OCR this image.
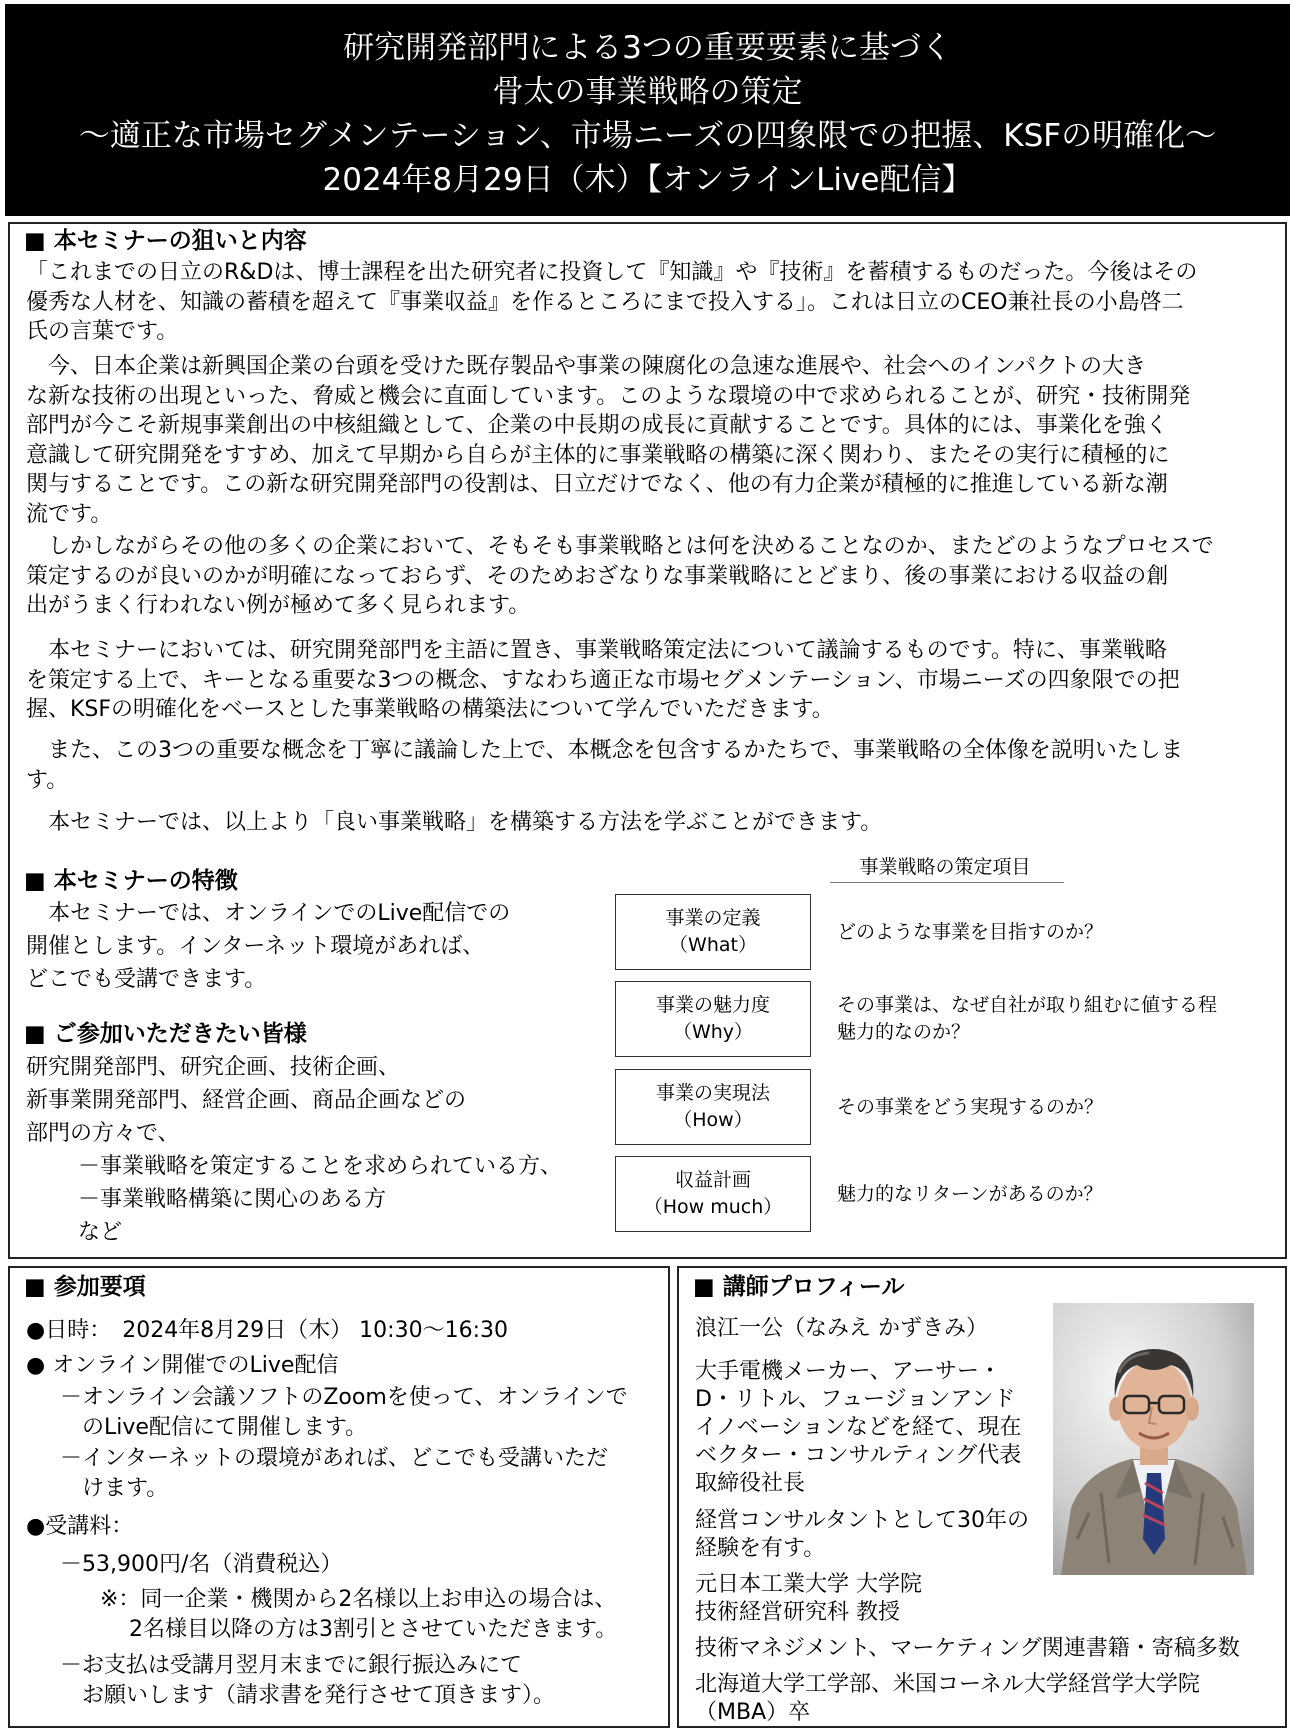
研究開発部門による3つの重要要素に基づく
骨太の事業戦略の策定
～適正な市場セグメンテーション、市場ニーズの四象限での把握、KSFの明確化～
2024年8月29日（木）【オンラインLive配信】
■ 本セミナーの狙いと内容
「これまでの日立のR&Dは、博士課程を出た研究者に投資して『知識』や『技術』を蓄積するものだった。今後はその
優秀な人材を、知識の蓄積を超えて『事業収益』を作るところにまで投入する」。これは日立のCEO兼社長の小島啓二
氏の言葉です。
　今、日本企業は新興国企業の台頭を受けた既存製品や事業の陳腐化の急速な進展や、社会へのインパクトの大き
な新な技術の出現といった、脅威と機会に直面しています。このような環境の中で求められることが、研究・技術開発
部門が今こそ新規事業創出の中核組織として、企業の中長期の成長に貢献することです。具体的には、事業化を強く
意識して研究開発をすすめ、加えて早期から自らが主体的に事業戦略の構築に深く関わり、またその実行に積極的に
関与することです。この新な研究開発部門の役割は、日立だけでなく、他の有力企業が積極的に推進している新な潮
流です。
　しかしながらその他の多くの企業において、そもそも事業戦略とは何を決めることなのか、またどのようなプロセスで
策定するのが良いのかが明確になっておらず、そのためおざなりな事業戦略にとどまり、後の事業における収益の創
出がうまく行われない例が極めて多く見られます。
　本セミナーにおいては、研究開発部門を主語に置き、事業戦略策定法について議論するものです。特に、事業戦略
を策定する上で、キーとなる重要な3つの概念、すなわち適正な市場セグメンテーション、市場ニーズの四象限での把
握、KSFの明確化をベースとした事業戦略の構築法について学んでいただきます。
　また、この3つの重要な概念を丁寧に議論した上で、本概念を包含するかたちで、事業戦略の全体像を説明いたしま
す。
　本セミナーでは、以上より「良い事業戦略」を構築する方法を学ぶことができます。
■ 本セミナーの特徴
　本セミナーでは、オンラインでのLive配信での
開催とします。インターネット環境があれば、
どこでも受講できます。
■ ご参加いただきたい皆様
研究開発部門、研究企画、技術企画、
新事業開発部門、経営企画、商品企画などの
部門の方々で、
　－事業戦略を策定することを求められている方、
　－事業戦略構築に関心のある方
　など
事業戦略の策定項目
事業の定義
（What）
どのような事業を目指すのか？
事業の魅力度
（Why）
その事業は、なぜ自社が取り組むに値する程
魅力的なのか？
事業の実現法
（How）
その事業をどう実現するのか？
収益計画
（How much）
魅力的なリターンがあるのか？
■ 参加要項
●日時：　2024年8月29日（木） 10:30～16:30
● オンライン開催でのLive配信
－オンライン会議ソフトのZoomを使って、オンラインで
　のLive配信にて開催します。
－インターネットの環境があれば、どこでも受講いただ
　けます。
●受講料：
－53,900円/名（消費税込）
※：同一企業・機関から2名様以上お申込の場合は、
　 2名様目以降の方は3割引とさせていただきます。
－お支払は受講月翌月末までに銀行振込みにて
　お願いします（請求書を発行させて頂きます）。
■ 講師プロフィール
浪江一公（なみえ かずきみ）
大手電機メーカー、アーサー・
D・リトル、フュージョンアンド
イノベーションなどを経て、現在
ベクター・コンサルティング代表
取締役社長
経営コンサルタントとして30年の
経験を有す。
元日本工業大学 大学院
技術経営研究科 教授
技術マネジメント、マーケティング関連書籍・寄稿多数
北海道大学工学部、米国コーネル大学経営学大学院
（MBA）卒
